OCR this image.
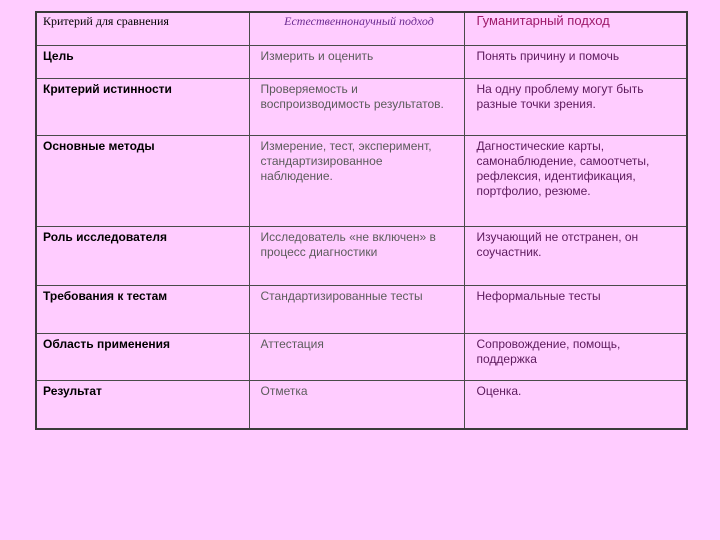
Критерий для сравнения	Естественнонаучный подход	Гуманитарный подход

Цель	Измерить и оценить	Понять причину и помочь

Критерий истинности	Проверяемость и воспроизводимость результатов.	На одну проблему могут быть разные точки зрения.

Основные методы	Измерение, тест, эксперимент, стандартизированное наблюдение.	Дагностические карты, самонаблюдение, самоотчеты, рефлексия, идентификация, портфолио, резюме.

Роль исследователя	Исследователь «не включен» в процесс диагностики	Изучающий не отстранен, он соучастник.

Требования к тестам	Стандартизированные тесты	Неформальные тесты

Область применения	Аттестация	Сопровождение, помощь, поддержка

Результат	Отметка	Оценка.
